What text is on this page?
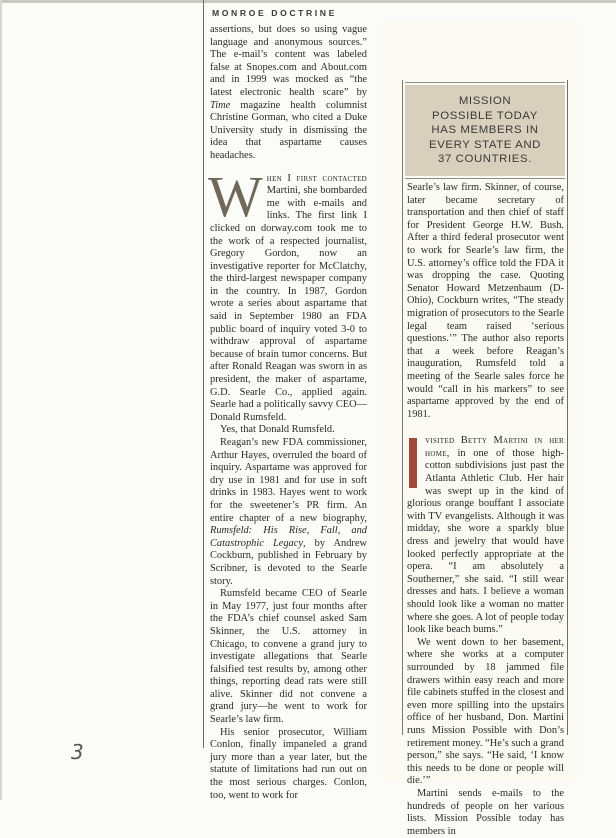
MONROE DOCTRINE

assertions, but does so using vague language and anonymous sources.” The e-mail’s content was labeled false at Snopes.com and About.com and in 1999 was mocked as “the latest electronic health scare” by Time magazine health columnist Christine Gorman, who cited a Duke University study in dismissing the idea that aspartame causes headaches.

When I first contacted Martini, she bombarded me with e-mails and links. The first link I clicked on dorway.com took me to the work of a respected journalist, Gregory Gordon, now an investigative reporter for McClatchy, the third-largest newspaper company in the country. In 1987, Gordon wrote a series about aspartame that said in September 1980 an FDA public board of inquiry voted 3-0 to withdraw approval of aspartame because of brain tumor concerns. But after Ronald Reagan was sworn in as president, the maker of aspartame, G.D. Searle Co., applied again. Searle had a politically savvy CEO—Donald Rumsfeld.

Yes, that Donald Rumsfeld.

Reagan’s new FDA commissioner, Arthur Hayes, overruled the board of inquiry. Aspartame was approved for dry use in 1981 and for use in soft drinks in 1983. Hayes went to work for the sweetener’s PR firm. An entire chapter of a new biography, Rumsfeld: His Rise, Fall, and Catastrophic Legacy, by Andrew Cockburn, published in February by Scribner, is devoted to the Searle story.

Rumsfeld became CEO of Searle in May 1977, just four months after the FDA’s chief counsel asked Sam Skinner, the U.S. attorney in Chicago, to convene a grand jury to investigate allegations that Searle falsified test results by, among other things, reporting dead rats were still alive. Skinner did not convene a grand jury—he went to work for Searle’s law firm.

His senior prosecutor, William Conlon, finally impaneled a grand jury more than a year later, but the statute of limitations had run out on the most serious charges. Conlon, too, went to work for

MISSION
POSSIBLE TODAY
HAS MEMBERS IN
EVERY STATE AND
37 COUNTRIES.

Searle’s law firm. Skinner, of course, later became secretary of transportation and then chief of staff for President George H.W. Bush. After a third federal prosecutor went to work for Searle’s law firm, the U.S. attorney’s office told the FDA it was dropping the case. Quoting Senator Howard Metzenbaum (D-Ohio), Cockburn writes, “The steady migration of prosecutors to the Searle legal team raised ‘serious questions.’” The author also reports that a week before Reagan’s inauguration, Rumsfeld told a meeting of the Searle sales force he would “call in his markers” to see aspartame approved by the end of 1981.

visited Betty Martini in her home, in one of those high-cotton subdivisions just past the Atlanta Athletic Club. Her hair was swept up in the kind of glorious orange bouffant I associate with TV evangelists. Although it was midday, she wore a sparkly blue dress and jewelry that would have looked perfectly appropriate at the opera. “I am absolutely a Southerner,” she said. “I still wear dresses and hats. I believe a woman should look like a woman no matter where she goes. A lot of people today look like beach bums.”

We went down to her basement, where she works at a computer surrounded by 18 jammed file drawers within easy reach and more file cabinets stuffed in the closest and even more spilling into the upstairs office of her husband, Don. Martini runs Mission Possible with Don’s retirement money. “He’s such a grand person,” she says. “He said, ‘I know this needs to be done or people will die.’”

Martini sends e-mails to the hundreds of people on her various lists. Mission Possible today has members in

3
